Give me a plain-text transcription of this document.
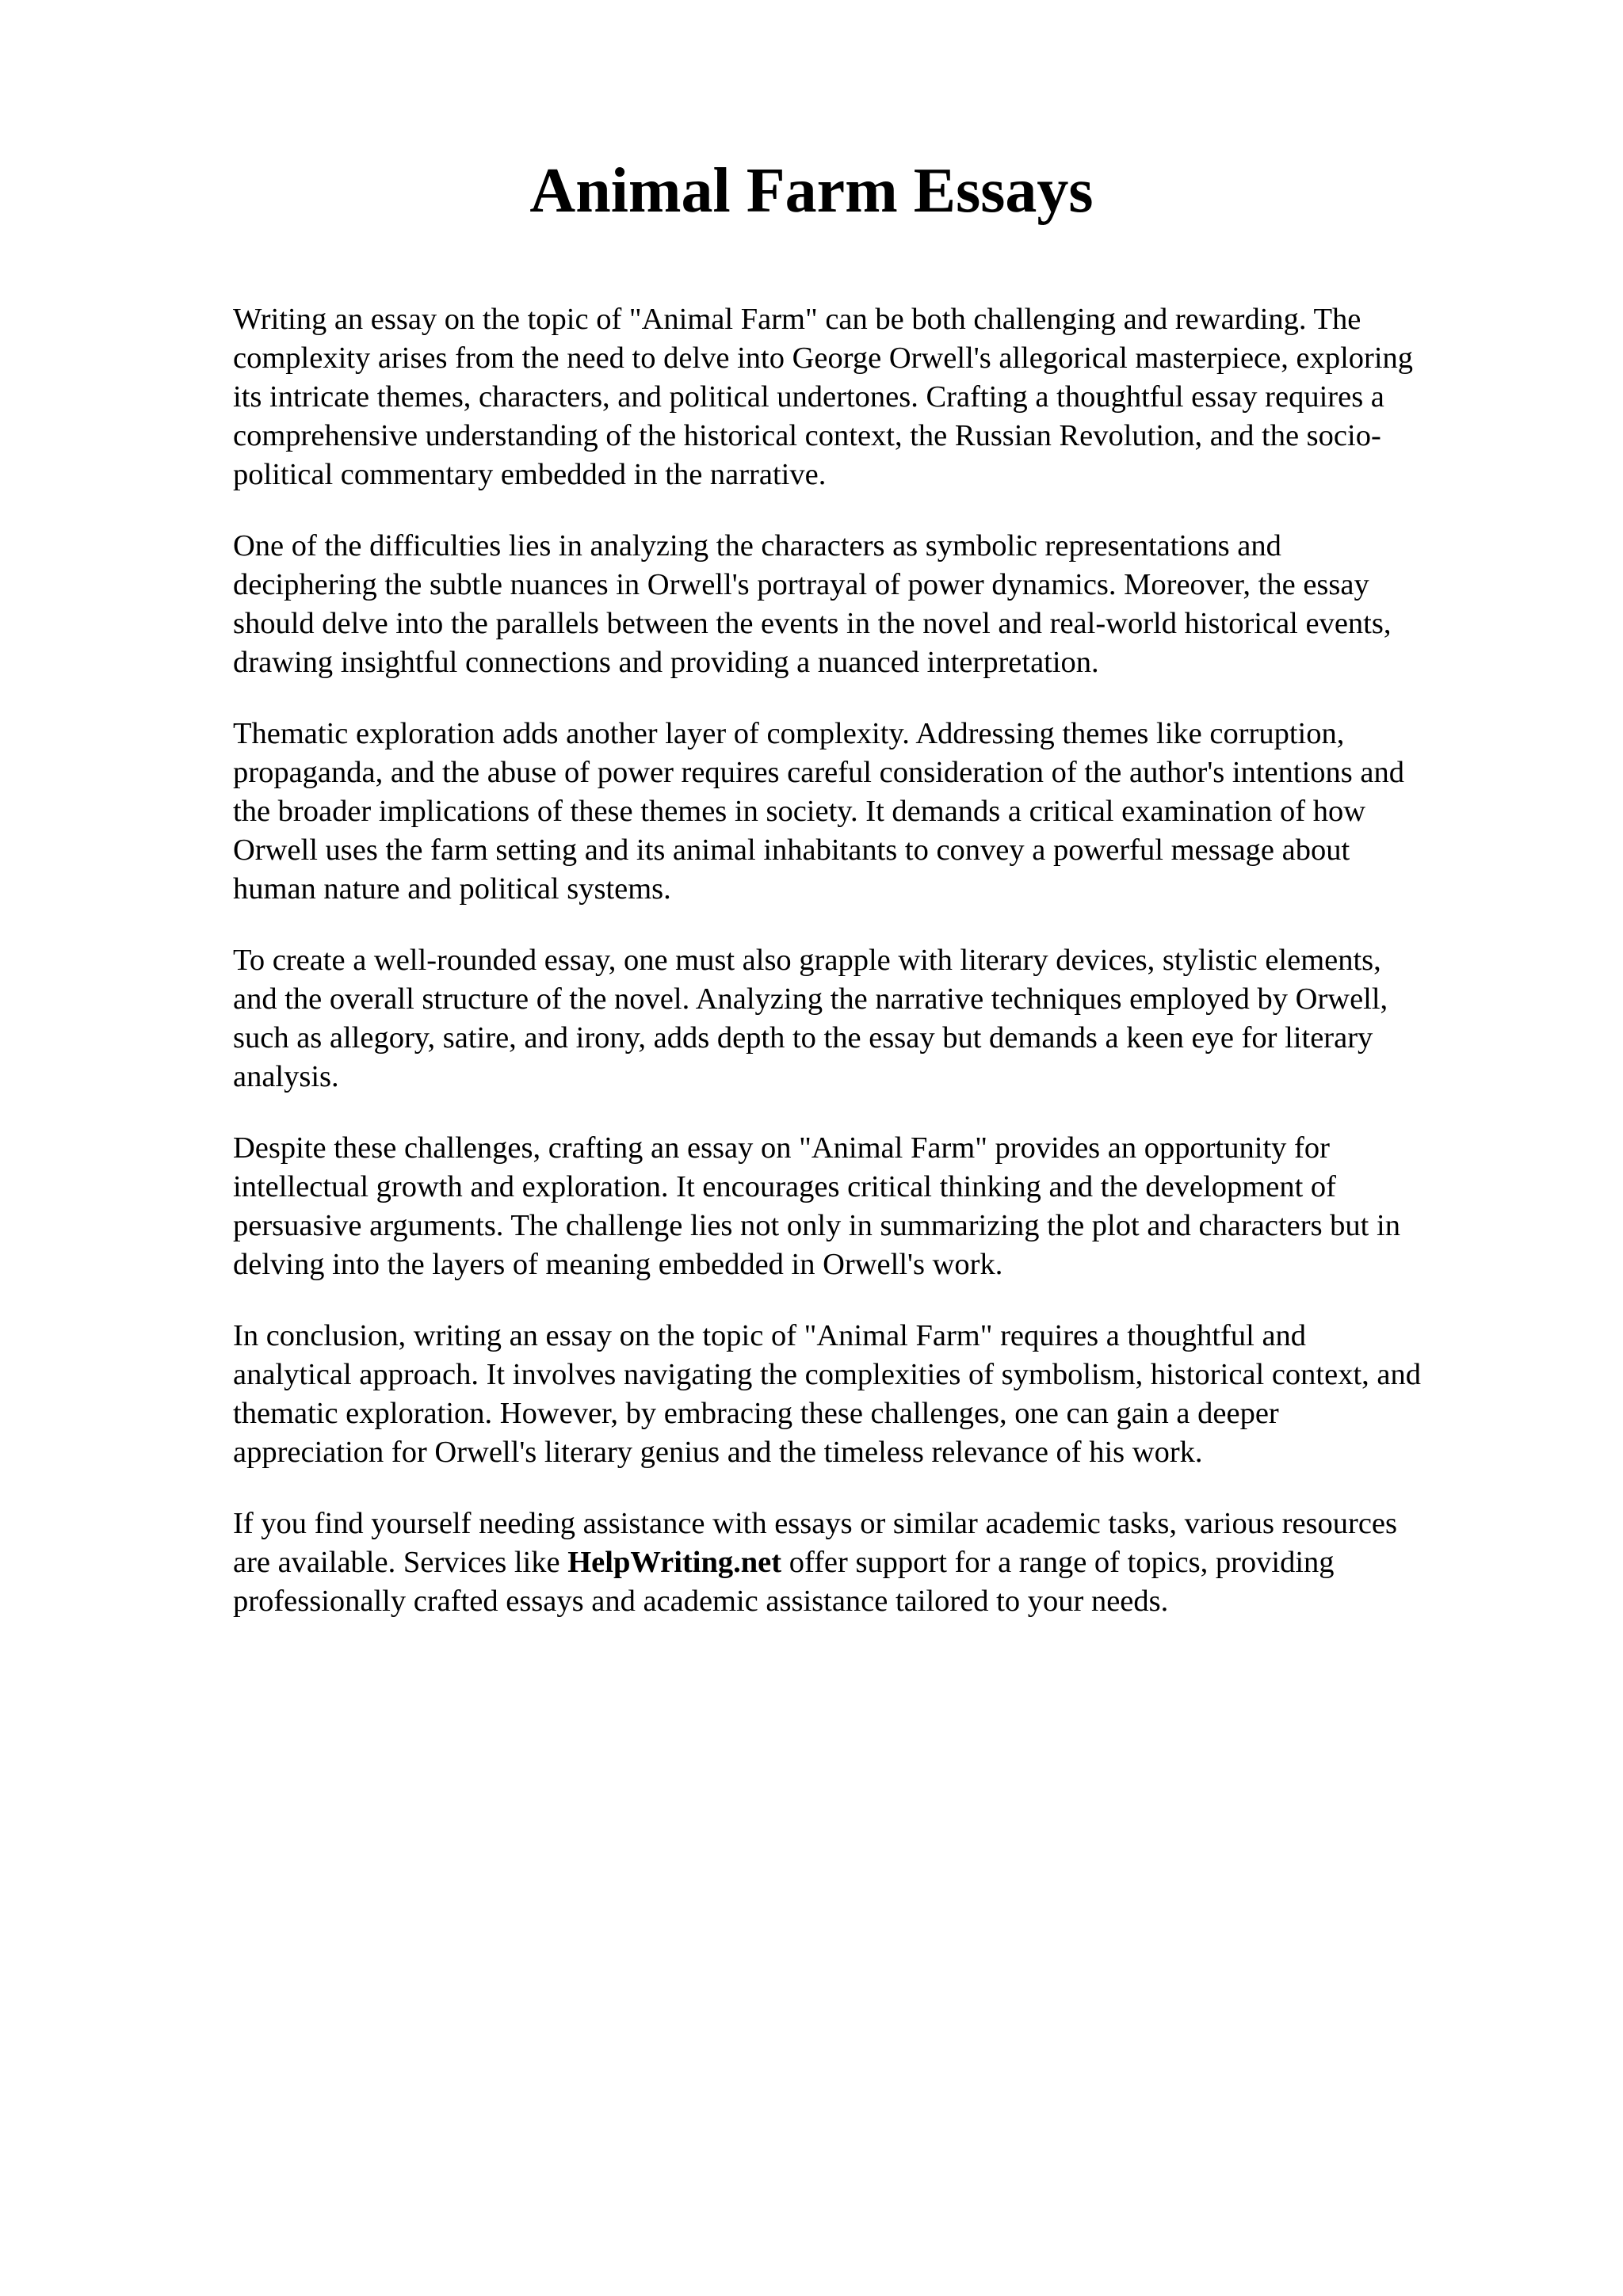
Animal Farm Essays

Writing an essay on the topic of "Animal Farm" can be both challenging and rewarding. The
complexity arises from the need to delve into George Orwell's allegorical masterpiece, exploring
its intricate themes, characters, and political undertones. Crafting a thoughtful essay requires a
comprehensive understanding of the historical context, the Russian Revolution, and the socio-
political commentary embedded in the narrative.

One of the difficulties lies in analyzing the characters as symbolic representations and
deciphering the subtle nuances in Orwell's portrayal of power dynamics. Moreover, the essay
should delve into the parallels between the events in the novel and real-world historical events,
drawing insightful connections and providing a nuanced interpretation.

Thematic exploration adds another layer of complexity. Addressing themes like corruption,
propaganda, and the abuse of power requires careful consideration of the author's intentions and
the broader implications of these themes in society. It demands a critical examination of how
Orwell uses the farm setting and its animal inhabitants to convey a powerful message about
human nature and political systems.

To create a well-rounded essay, one must also grapple with literary devices, stylistic elements,
and the overall structure of the novel. Analyzing the narrative techniques employed by Orwell,
such as allegory, satire, and irony, adds depth to the essay but demands a keen eye for literary
analysis.

Despite these challenges, crafting an essay on "Animal Farm" provides an opportunity for
intellectual growth and exploration. It encourages critical thinking and the development of
persuasive arguments. The challenge lies not only in summarizing the plot and characters but in
delving into the layers of meaning embedded in Orwell's work.

In conclusion, writing an essay on the topic of "Animal Farm" requires a thoughtful and
analytical approach. It involves navigating the complexities of symbolism, historical context, and
thematic exploration. However, by embracing these challenges, one can gain a deeper
appreciation for Orwell's literary genius and the timeless relevance of his work.

If you find yourself needing assistance with essays or similar academic tasks, various resources
are available. Services like HelpWriting.net offer support for a range of topics, providing
professionally crafted essays and academic assistance tailored to your needs.
